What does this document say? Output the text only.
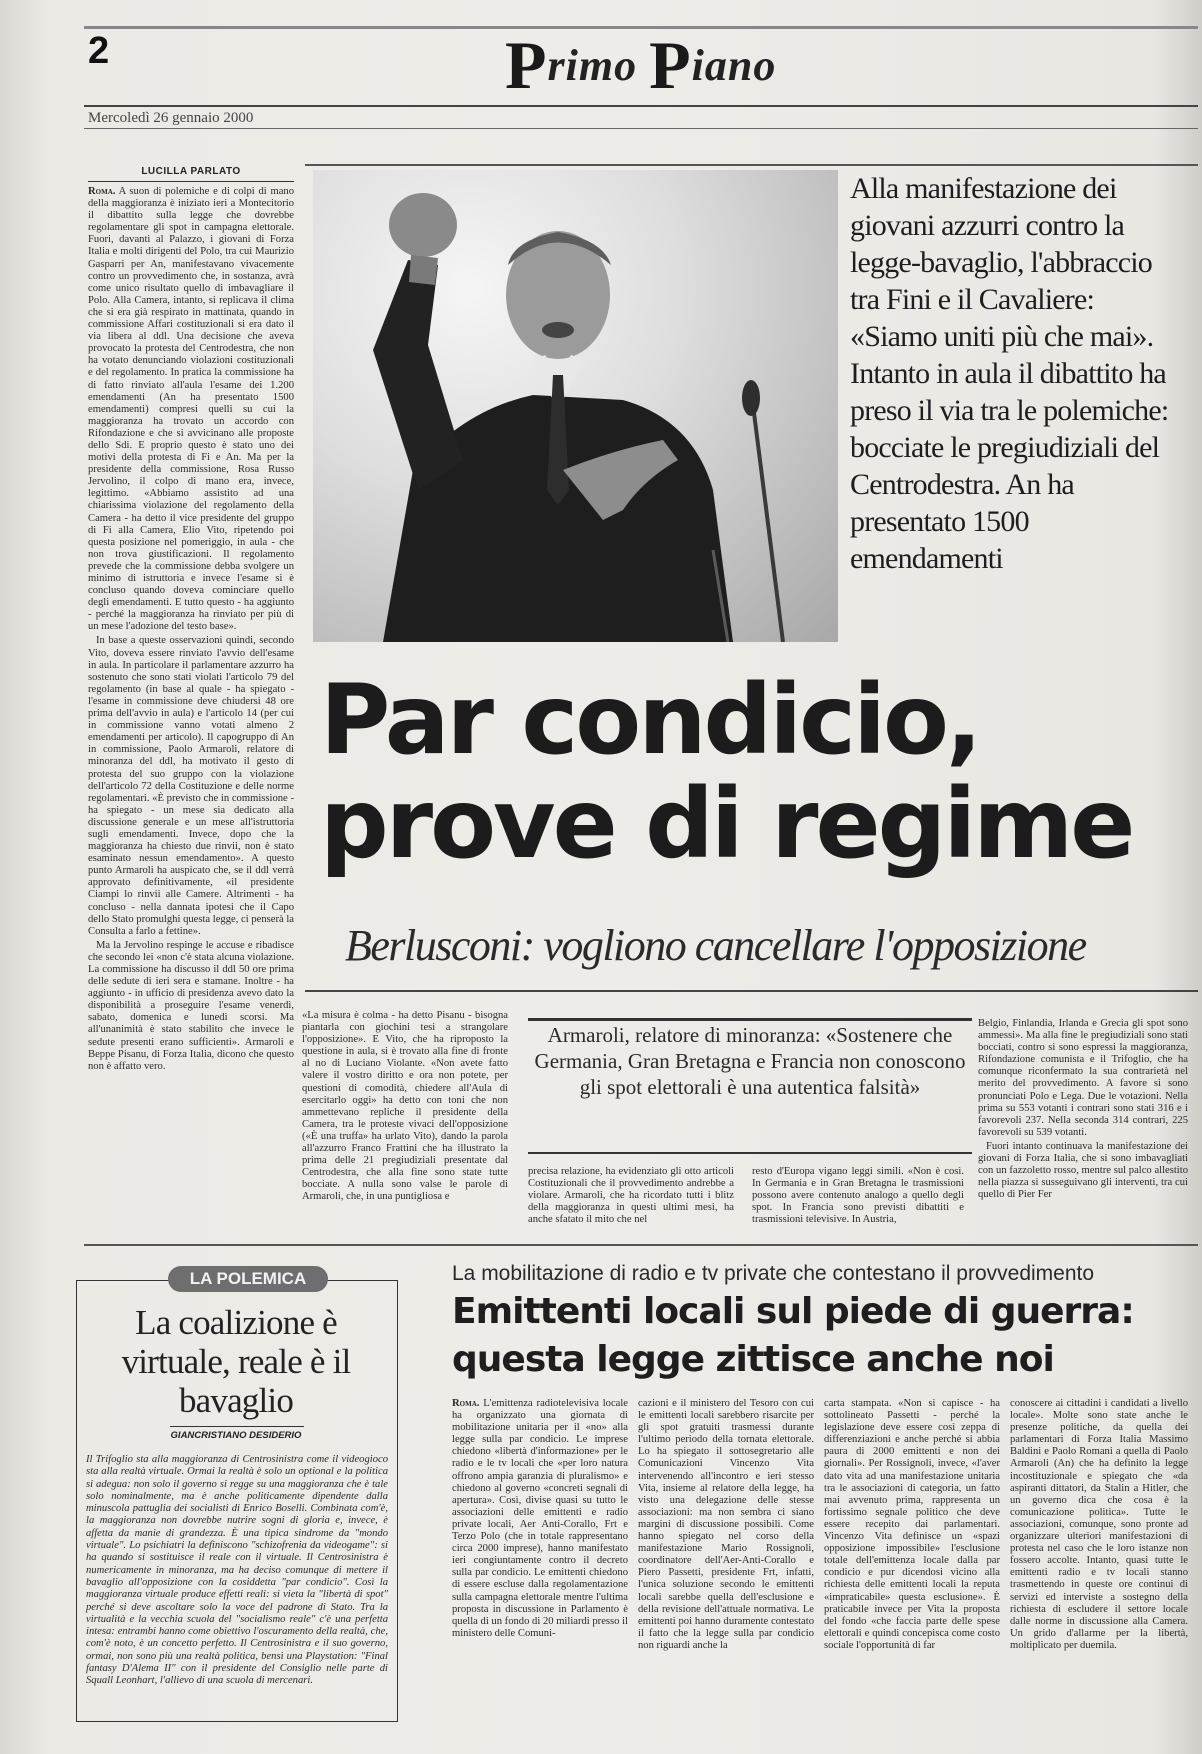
2	Primo Piano
Mercoledì 26 gennaio 2000
LUCILLA PARLATO

Roma. A suon di polemiche e di colpi di mano della maggioranza è iniziato ieri a Montecitorio il dibattito sulla legge che dovrebbe regolamentare gli spot in campagna elettorale. Fuori, davanti al Palazzo, i giovani di Forza Italia e molti dirigenti del Polo, tra cui Maurizio Gasparri per An, manifestavano vivacemente contro un provvedimento che, in sostanza, avrà come unico risultato quello di imbavagliare il Polo. Alla Camera, intanto, si replicava il clima che si era già respirato in mattinata, quando in commissione Affari costituzionali si era dato il via libera al ddl. Una decisione che aveva provocato la protesta del Centrodestra, che non ha votato denunciando violazioni costituzionali e del regolamento. In pratica la commissione ha di fatto rinviato all'aula l'esame dei 1.200 emendamenti (An ha presentato 1500 emendamenti) compresi quelli su cui la maggioranza ha trovato un accordo con Rifondazione e che si avvicinano alle proposte dello Sdi. E proprio questo è stato uno dei motivi della protesta di Fi e An. Ma per la presidente della commissione, Rosa Russo Jervolino, il colpo di mano era, invece, legittimo. «Abbiamo assistito ad una chiarissima violazione del regolamento della Camera - ha detto il vice presidente del gruppo di Fi alla Camera, Elio Vito, ripetendo poi questa posizione nel pomeriggio, in aula - che non trova giustificazioni. Il regolamento prevede che la commissione debba svolgere un minimo di istruttoria e invece l'esame si è concluso quando doveva cominciare quello degli emendamenti. E tutto questo - ha aggiunto - perché la maggioranza ha rinviato per più di un mese l'adozione del testo base».

In base a queste osservazioni quindi, secondo Vito, doveva essere rinviato l'avvio dell'esame in aula. In particolare il parlamentare azzurro ha sostenuto che sono stati violati l'articolo 79 del regolamento (in base al quale - ha spiegato - l'esame in commissione deve chiudersi 48 ore prima dell'avvio in aula) e l'articolo 14 (per cui in commissione vanno votati almeno 2 emendamenti per articolo). Il capogruppo di An in commissione, Paolo Armaroli, relatore di minoranza del ddl, ha motivato il gesto di protesta del suo gruppo con la violazione dell'articolo 72 della Costituzione e delle norme regolamentari. «È previsto che in commissione - ha spiegato - un mese sia dedicato alla discussione generale e un mese all'istruttoria sugli emendamenti. Invece, dopo che la maggioranza ha chiesto due rinvii, non è stato esaminato nessun emendamento». A questo punto Armaroli ha auspicato che, se il ddl verrà approvato definitivamente, «il presidente Ciampi lo rinvii alle Camere. Altrimenti - ha concluso - nella dannata ipotesi che il Capo dello Stato promulghi questa legge, ci penserà la Consulta a farlo a fettine».

Ma la Jervolino respinge le accuse e ribadisce che secondo lei «non c'è stata alcuna violazione. La commissione ha discusso il ddl 50 ore prima delle sedute di ieri sera e stamane. Inoltre - ha aggiunto - in ufficio di presidenza avevo dato la disponibilità a proseguire l'esame venerdì, sabato, domenica e lunedì scorsi. Ma all'unanimità è stato stabilito che invece le sedute presenti erano sufficienti». Armaroli e Beppe Pisanu, di Forza Italia, dicono che questo non è affatto vero.

Alla manifestazione dei giovani azzurri contro la legge-bavaglio, l'abbraccio tra Fini e il Cavaliere: «Siamo uniti più che mai». Intanto in aula il dibattito ha preso il via tra le polemiche: bocciate le pregiudiziali del Centrodestra. An ha presentato 1500 emendamenti
Par condicio,
prove di regime
Berlusconi: vogliono cancellare l'opposizione

«La misura è colma - ha detto Pisanu - bisogna piantarla con giochini tesi a strangolare l'opposizione». E Vito, che ha riproposto la questione in aula, si è trovato alla fine di fronte al no di Luciano Violante. «Non avete fatto valere il vostro diritto e ora non potete, per questioni di comodità, chiedere all'Aula di esercitarlo oggi» ha detto con toni che non ammettevano repliche il presidente della Camera, tra le proteste vivaci dell'opposizione («È una truffa» ha urlato Vito), dando la parola all'azzurro Franco Frattini che ha illustrato la prima delle 21 pregiudiziali presentate dal Centrodestra, che alla fine sono state tutte bocciate. A nulla sono valse le parole di Armaroli, che, in una puntigliosa e

Armaroli, relatore di minoranza: «Sostenere che Germania, Gran Bretagna e Francia non conoscono gli spot elettorali è una autentica falsità»

precisa relazione, ha evidenziato gli otto articoli Costituzionali che il provvedimento andrebbe a violare. Armaroli, che ha ricordato tutti i blitz della maggioranza in questi ultimi mesi, ha anche sfatato il mito che nel

resto d'Europa vigano leggi simili. «Non è così. In Germania e in Gran Bretagna le trasmissioni possono avere contenuto analogo a quello degli spot. In Francia sono previsti dibattiti e trasmissioni televisive. In Austria,

Belgio, Finlandia, Irlanda e Grecia gli spot sono ammessi». Ma alla fine le pregiudiziali sono stati bocciati, contro si sono espressi la maggioranza, Rifondazione comunista e il Trifoglio, che ha comunque riconfermato la sua contrarietà nel merito del provvedimento. A favore si sono pronunciati Polo e Lega. Due le votazioni. Nella prima su 553 votanti i contrari sono stati 316 e i favorevoli 237. Nella seconda 314 contrari, 225 favorevoli su 539 votanti.

Fuori intanto continuava la manifestazione dei giovani di Forza Italia, che si sono imbavagliati con un fazzoletto rosso, mentre sul palco allestito nella piazza si susseguivano gli interventi, tra cui quello di Pier Fer

LA POLEMICA
La coalizione è virtuale, reale è il bavaglio
GIANCRISTIANO DESIDERIO
Il Trifoglio sta alla maggioranza di Centrosinistra come il videogioco sta alla realtà virtuale. Ormai la realtà è solo un optional e la politica si adegua: non solo il governo si regge su una maggioranza che è tale solo nominalmente, ma è anche politicamente dipendente dalla minuscola pattuglia dei socialisti di Enrico Boselli. Combinata com'è, la maggioranza non dovrebbe nutrire sogni di gloria e, invece, è affetta da manie di grandezza. È una tipica sindrome da "mondo virtuale". Lo psichiatri la definiscono "schizofrenia da videogame": si ha quando si sostituisce il reale con il virtuale. Il Centrosinistra è numericamente in minoranza, ma ha deciso comunque di mettere il bavaglio all'opposizione con la cosiddetta "par condicio". Così la maggioranza virtuale produce effetti reali: si vieta la "libertà di spot" perché si deve ascoltare solo la voce del padrone di Stato. Tra la virtualità e la vecchia scuola del "socialismo reale" c'è una perfetta intesa: entrambi hanno come obiettivo l'oscuramento della realtà, che, com'è noto, è un concetto perfetto. Il Centrosinistra e il suo governo, ormai, non sono più una realtà politica, bensì una Playstation: "Final fantasy D'Alema II" con il presidente del Consiglio nelle parte di Squall Leonhart, l'allievo di una scuola di mercenari.
La mobilitazione di radio e tv private che contestano il provvedimento
Emittenti locali sul piede di guerra:
questa legge zittisce anche noi

Roma. L'emittenza radiotelevisiva locale ha organizzato una giornata di mobilitazione unitaria per il «no» alla legge sulla par condicio. Le imprese chiedono «libertà d'informazione» per le radio e le tv locali che «per loro natura offrono ampia garanzia di pluralismo» e chiedono al governo «concreti segnali di apertura». Così, divise quasi su tutto le associazioni delle emittenti e radio private locali, Aer Anti-Corallo, Frt e Terzo Polo (che in totale rappresentano circa 2000 imprese), hanno manifestato ieri congiuntamente contro il decreto sulla par condicio. Le emittenti chiedono di essere escluse dalla regolamentazione sulla campagna elettorale mentre l'ultima proposta in discussione in Parlamento è quella di un fondo di 20 miliardi presso il ministero delle Comuni-

cazioni e il ministero del Tesoro con cui le emittenti locali sarebbero risarcite per gli spot gratuiti trasmessi durante l'ultimo periodo della tornata elettorale. Lo ha spiegato il sottosegretario alle Comunicazioni Vincenzo Vita intervenendo all'incontro e ieri stesso Vita, insieme al relatore della legge, ha visto una delegazione delle stesse associazioni: ma non sembra ci siano margini di discussione possibili. Come hanno spiegato nel corso della manifestazione Mario Rossignoli, coordinatore dell'Aer-Anti-Corallo e Piero Passetti, presidente Frt, infatti, l'unica soluzione secondo le emittenti locali sarebbe quella dell'esclusione e della revisione dell'attuale normativa. Le emittenti poi hanno duramente contestato il fatto che la legge sulla par condicio non riguardi anche la

carta stampata. «Non si capisce - ha sottolineato Passetti - perché la legislazione deve essere così zeppa di differenziazioni e anche perché si abbia paura di 2000 emittenti e non dei giornali». Per Rossignoli, invece, «l'aver dato vita ad una manifestazione unitaria tra le associazioni di categoria, un fatto mai avvenuto prima, rappresenta un fortissimo segnale politico che deve essere recepito dai parlamentari. Vincenzo Vita definisce un «spazi opposizione impossibile» l'esclusione totale dell'emittenza locale dalla par condicio e pur dicendosi vicino alla richiesta delle emittenti locali la reputa «impraticabile» questa esclusione». È praticabile invece per Vita la proposta del fondo «che faccia parte delle spese elettorali e quindi concepisca come costo sociale l'opportunità di far

conoscere ai cittadini i candidati a livello locale». Molte sono state anche le presenze politiche, da quella dei parlamentari di Forza Italia Massimo Baldini e Paolo Romani a quella di Paolo Armaroli (An) che ha definito la legge incostituzionale e spiegato che «da aspiranti dittatori, da Stalin a Hitler, che un governo dica che cosa è la comunicazione politica». Tutte le associazioni, comunque, sono pronte ad organizzare ulteriori manifestazioni di protesta nel caso che le loro istanze non fossero accolte. Intanto, quasi tutte le emittenti radio e tv locali stanno trasmettendo in queste ore continui di servizi ed interviste a sostegno della richiesta di escludere il settore locale dalle norme in discussione alla Camera. Un grido d'allarme per la libertà, moltiplicato per duemila.
